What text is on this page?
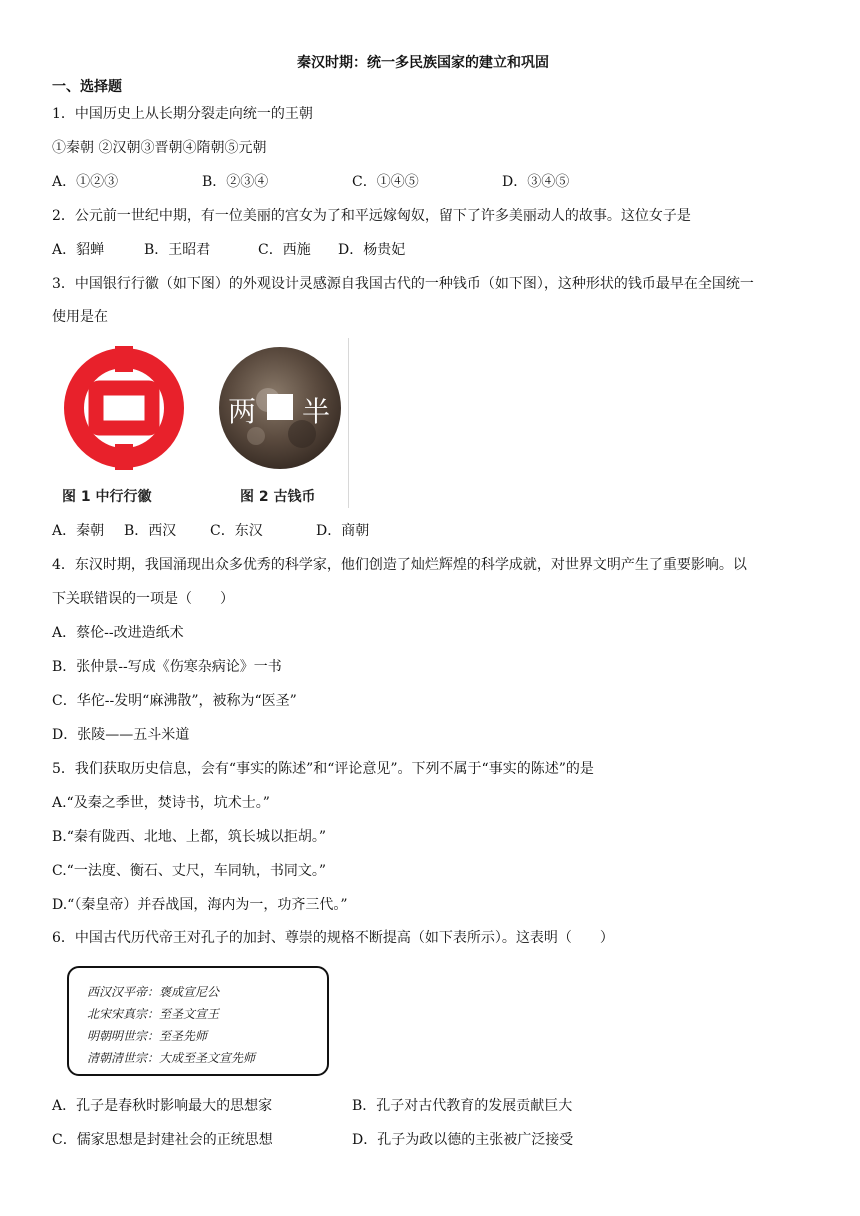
秦汉时期：统一多民族国家的建立和巩固
一、选择题
1．中国历史上从长期分裂走向统一的王朝
①秦朝 ②汉朝③晋朝④隋朝⑤元朝
A．①②③	B．②③④	C．①④⑤	D．③④⑤
2．公元前一世纪中期，有一位美丽的宫女为了和平远嫁匈奴，留下了许多美丽动人的故事。这位女子是
A．貂蝉	B．王昭君	C．西施 D．杨贵妃
3．中国银行行徽（如下图）的外观设计灵感源自我国古代的一种钱币（如下图），这种形状的钱币最早在全国统一
使用是在
两 半
图 1 中行行徽	图 2 古钱币
A．秦朝 B．西汉 C．东汉	D．商朝
4．东汉时期，我国涌现出众多优秀的科学家，他们创造了灿烂辉煌的科学成就，对世界文明产生了重要影响。以
下关联错误的一项是（　　）
A．蔡伦--改进造纸术
B．张仲景--写成《伤寒杂病论》一书
C．华佗--发明“麻沸散”，被称为“医圣”
D．张陵——五斗米道
5．我们获取历史信息，会有“事实的陈述”和“评论意见”。下列不属于“事实的陈述”的是
A.“及秦之季世，焚诗书，坑术士。”
B.“秦有陇西、北地、上都，筑长城以拒胡。”
C.“一法度、衡石、丈尺，车同轨，书同文。”
D.“（秦皇帝）并吞战国，海内为一，功齐三代。”
6．中国古代历代帝王对孔子的加封、尊崇的规格不断提高（如下表所示）。这表明（　　）
西汉汉平帝：褒成宣尼公
北宋宋真宗：至圣文宣王
明朝明世宗：至圣先师
清朝清世宗：大成至圣文宣先师
A．孔子是春秋时影响最大的思想家	B．孔子对古代教育的发展贡献巨大
C．儒家思想是封建社会的正统思想	D．孔子为政以德的主张被广泛接受
